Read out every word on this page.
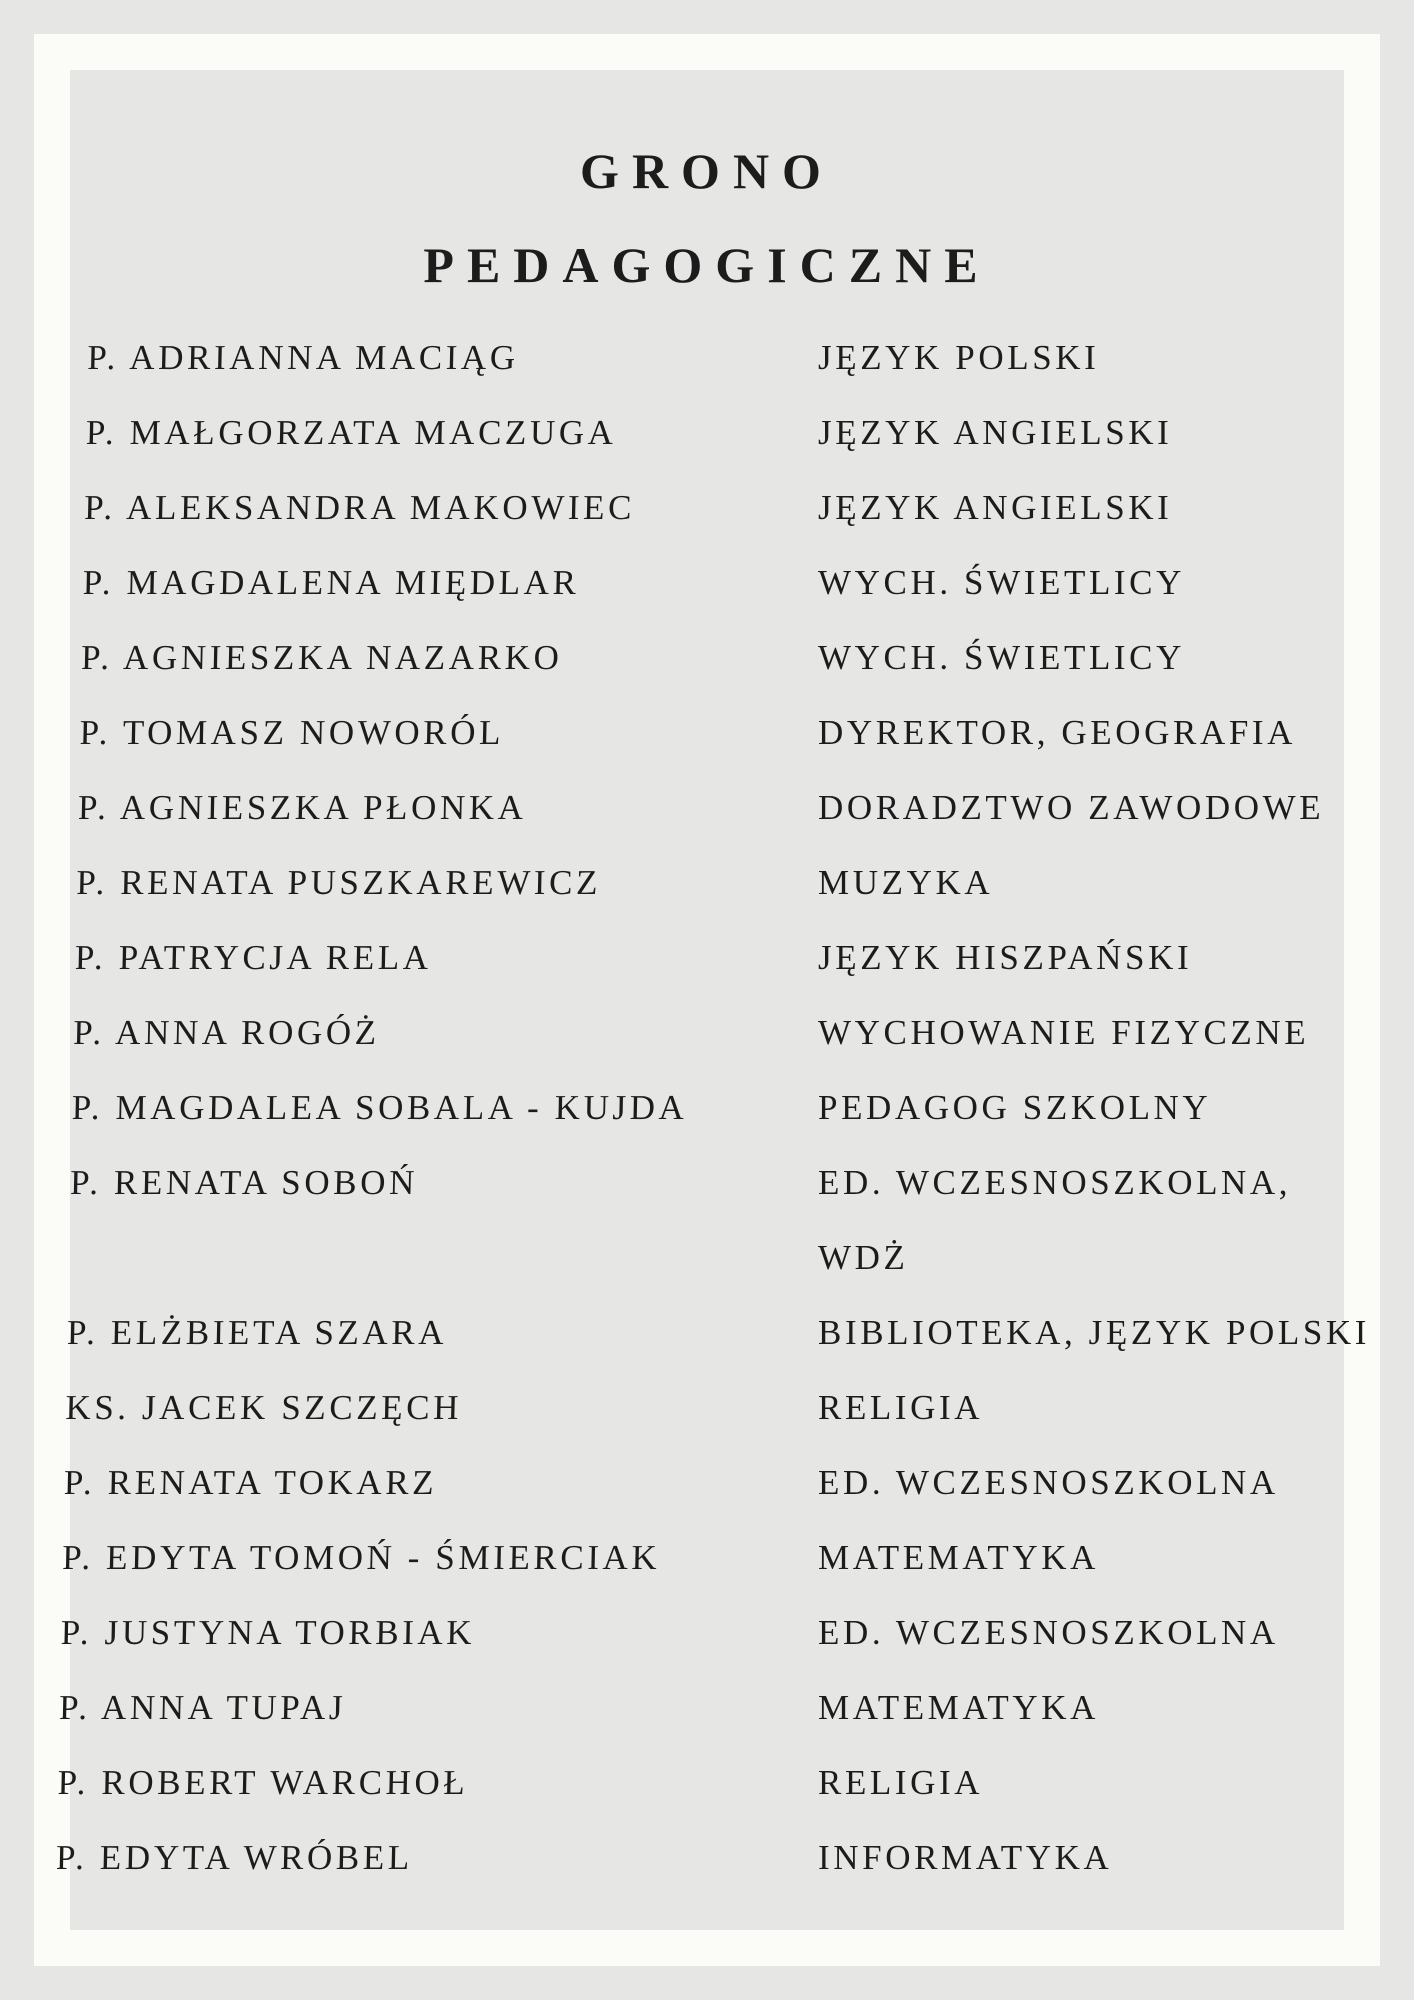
GRONO
PEDAGOGICZNE
P. ADRIANNA MACIĄG
P. MAŁGORZATA MACZUGA
P. ALEKSANDRA MAKOWIEC
P. MAGDALENA MIĘDLAR
P. AGNIESZKA NAZARKO
P. TOMASZ NOWORÓL
P. AGNIESZKA PŁONKA
P. RENATA PUSZKAREWICZ
P. PATRYCJA RELA
P. ANNA ROGÓŻ
P. MAGDALEA SOBALA - KUJDA
P. RENATA SOBOŃ
P. ELŻBIETA SZARA
KS. JACEK SZCZĘCH
P. RENATA TOKARZ
P. EDYTA TOMOŃ - ŚMIERCIAK
P. JUSTYNA TORBIAK
P. ANNA TUPAJ
P. ROBERT WARCHOŁ
P. EDYTA WRÓBEL
JĘZYK POLSKI
JĘZYK ANGIELSKI
JĘZYK ANGIELSKI
WYCH. ŚWIETLICY
WYCH. ŚWIETLICY
DYREKTOR, GEOGRAFIA
DORADZTWO ZAWODOWE
MUZYKA
JĘZYK HISZPAŃSKI
WYCHOWANIE FIZYCZNE
PEDAGOG SZKOLNY
ED. WCZESNOSZKOLNA,
WDŻ
BIBLIOTEKA, JĘZYK POLSKI
RELIGIA
ED. WCZESNOSZKOLNA
MATEMATYKA
ED. WCZESNOSZKOLNA
MATEMATYKA
RELIGIA
INFORMATYKA
